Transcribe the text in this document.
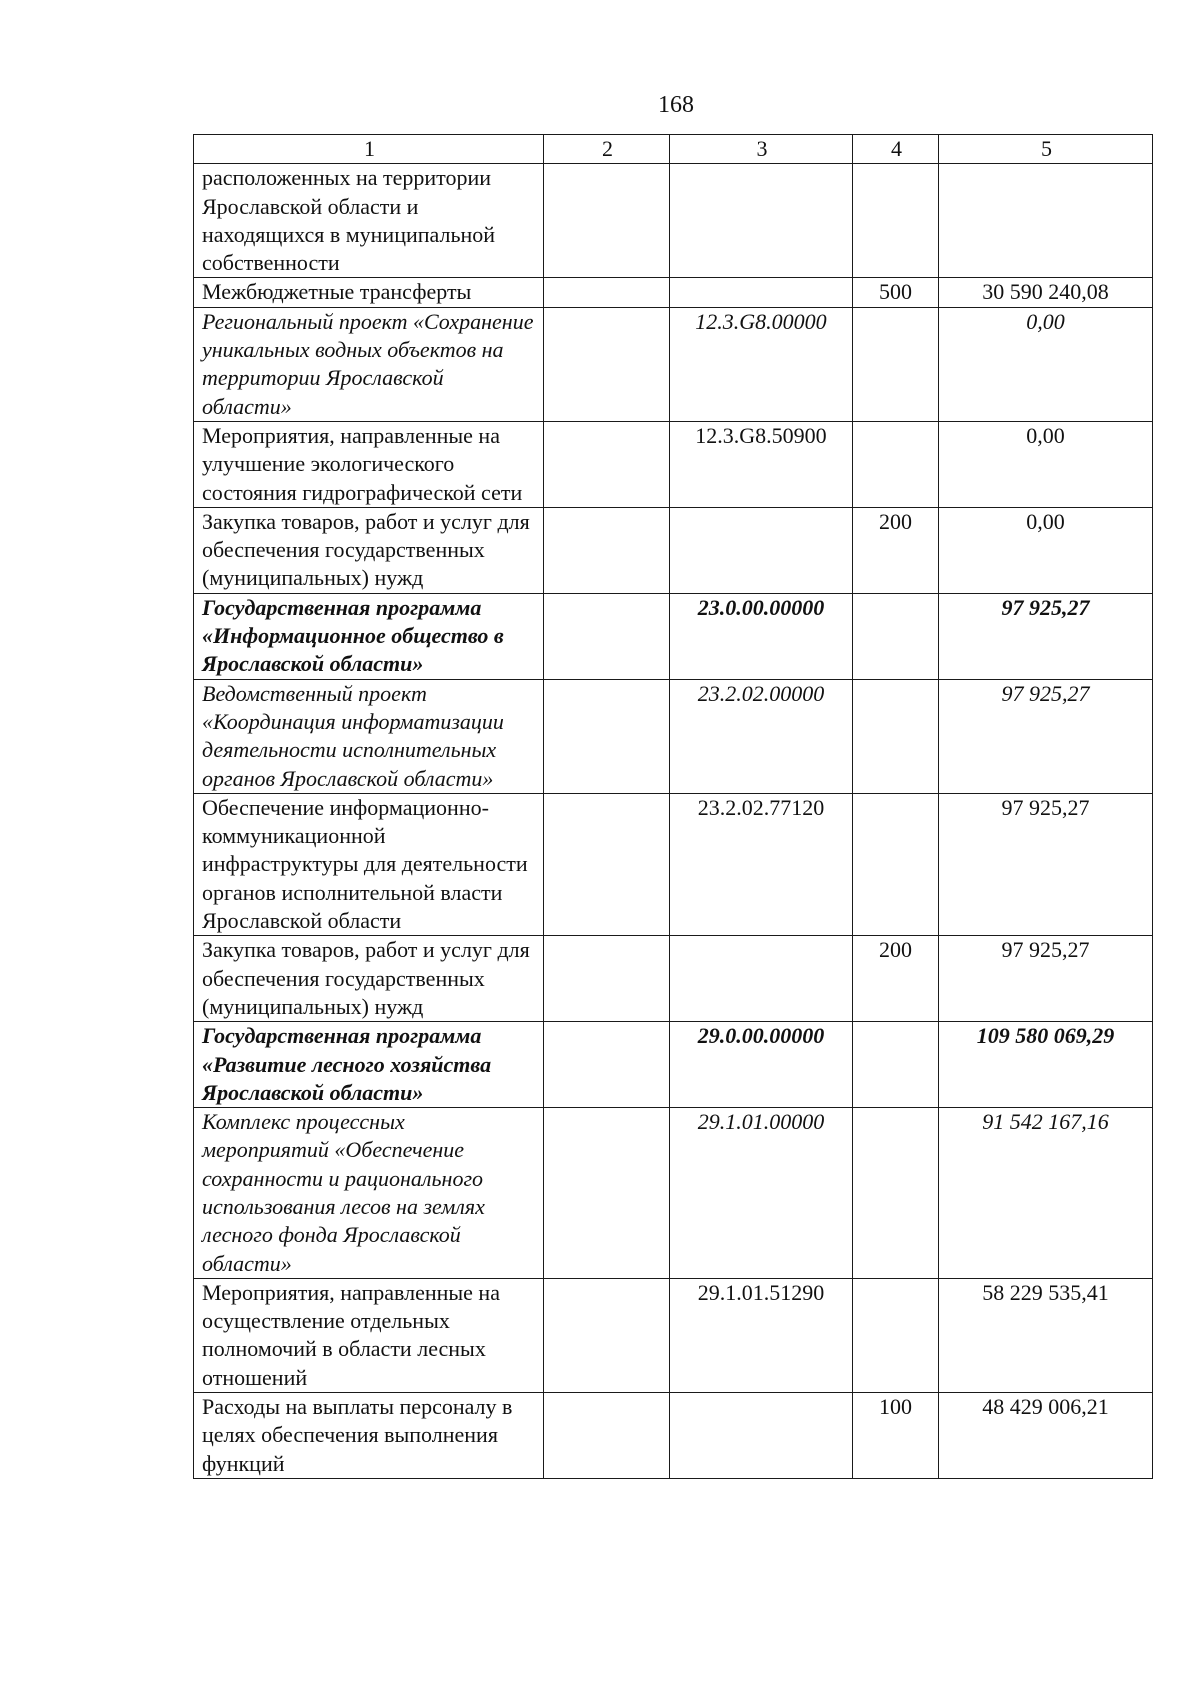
168
1	2	3	4	5
расположенных на территории Ярославской области и находящихся в муниципальной собственности				
Межбюджетные трансферты			500	30 590 240,08
Региональный проект «Сохранение уникальных водных объектов на территории Ярославской области»		12.3.G8.00000		0,00
Мероприятия, направленные на улучшение экологического состояния гидрографической сети		12.3.G8.50900		0,00
Закупка товаров, работ и услуг для обеспечения государственных (муниципальных) нужд			200	0,00
Государственная программа «Информационное общество в Ярославской области»		23.0.00.00000		97 925,27
Ведомственный проект «Координация информатизации деятельности исполнительных органов Ярославской области»		23.2.02.00000		97 925,27
Обеспечение информационно-коммуникационной инфраструктуры для деятельности органов исполнительной власти Ярославской области		23.2.02.77120		97 925,27
Закупка товаров, работ и услуг для обеспечения государственных (муниципальных) нужд			200	97 925,27
Государственная программа «Развитие лесного хозяйства Ярославской области»		29.0.00.00000		109 580 069,29
Комплекс процессных мероприятий «Обеспечение сохранности и рационального использования лесов на землях лесного фонда Ярославской области»		29.1.01.00000		91 542 167,16
Мероприятия, направленные на осуществление отдельных полномочий в области лесных отношений		29.1.01.51290		58 229 535,41
Расходы на выплаты персоналу в целях обеспечения выполнения функций			100	48 429 006,21
